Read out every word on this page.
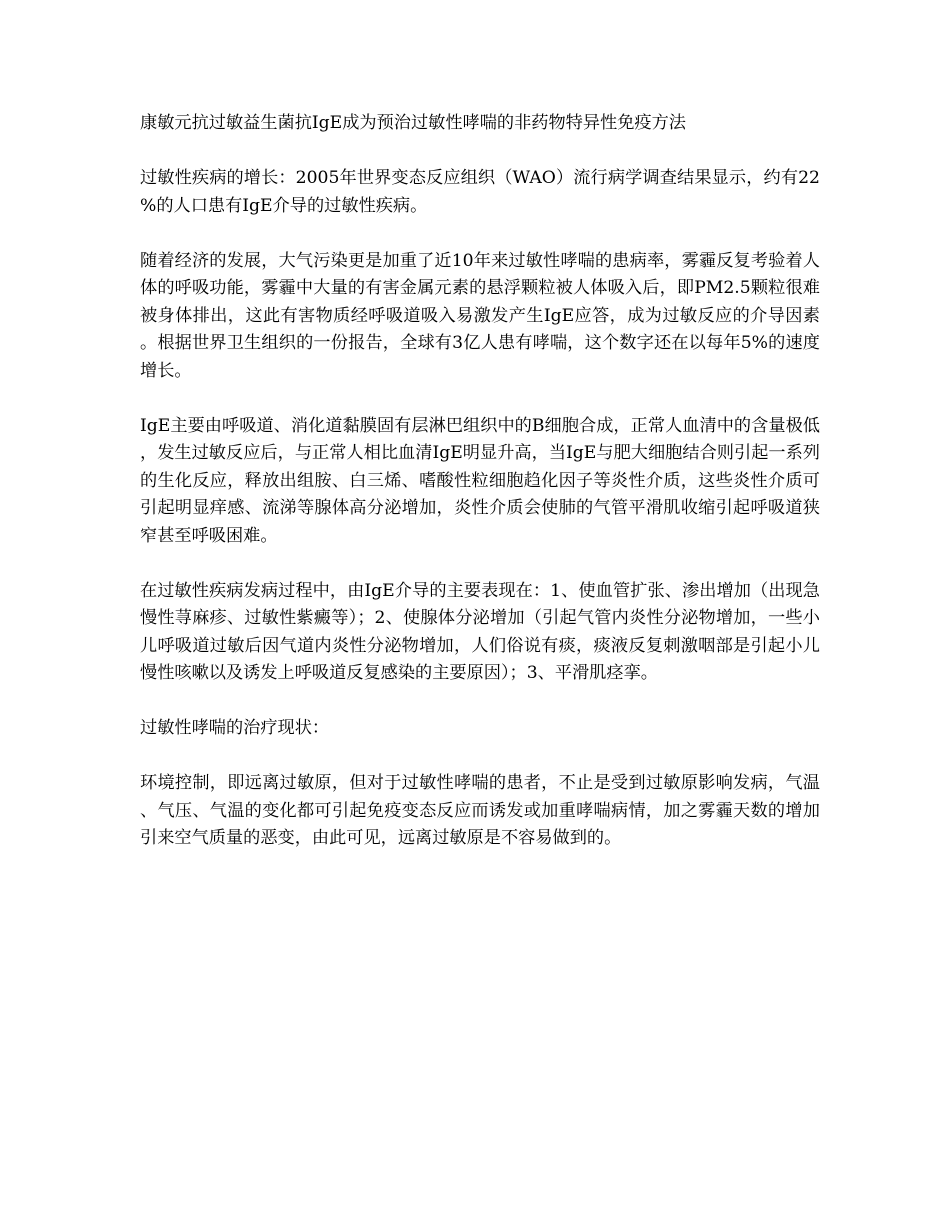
康敏元抗过敏益生菌抗IgE成为预治过敏性哮喘的非药物特异性免疫方法

过敏性疾病的增长：2005年世界变态反应组织（WAO）流行病学调查结果显示，约有22%的人口患有IgE介导的过敏性疾病。

随着经济的发展，大气污染更是加重了近10年来过敏性哮喘的患病率，雾霾反复考验着人体的呼吸功能，雾霾中大量的有害金属元素的悬浮颗粒被人体吸入后，即PM2.5颗粒很难被身体排出，这此有害物质经呼吸道吸入易激发产生IgE应答，成为过敏反应的介导因素。根据世界卫生组织的一份报告，全球有3亿人患有哮喘，这个数字还在以每年5%的速度增长。

IgE主要由呼吸道、消化道黏膜固有层淋巴组织中的B细胞合成，正常人血清中的含量极低，发生过敏反应后，与正常人相比血清IgE明显升高，当IgE与肥大细胞结合则引起一系列的生化反应，释放出组胺、白三烯、嗜酸性粒细胞趋化因子等炎性介质，这些炎性介质可引起明显痒感、流涕等腺体高分泌增加，炎性介质会使肺的气管平滑肌收缩引起呼吸道狭窄甚至呼吸困难。

在过敏性疾病发病过程中，由IgE介导的主要表现在：1、使血管扩张、渗出增加（出现急慢性荨麻疹、过敏性紫癜等）；2、使腺体分泌增加（引起气管内炎性分泌物增加，一些小儿呼吸道过敏后因气道内炎性分泌物增加，人们俗说有痰，痰液反复刺激咽部是引起小儿慢性咳嗽以及诱发上呼吸道反复感染的主要原因）；3、平滑肌痉挛。

过敏性哮喘的治疗现状：

环境控制，即远离过敏原，但对于过敏性哮喘的患者，不止是受到过敏原影响发病，气温、气压、气温的变化都可引起免疫变态反应而诱发或加重哮喘病情，加之雾霾天数的增加引来空气质量的恶变，由此可见，远离过敏原是不容易做到的。
